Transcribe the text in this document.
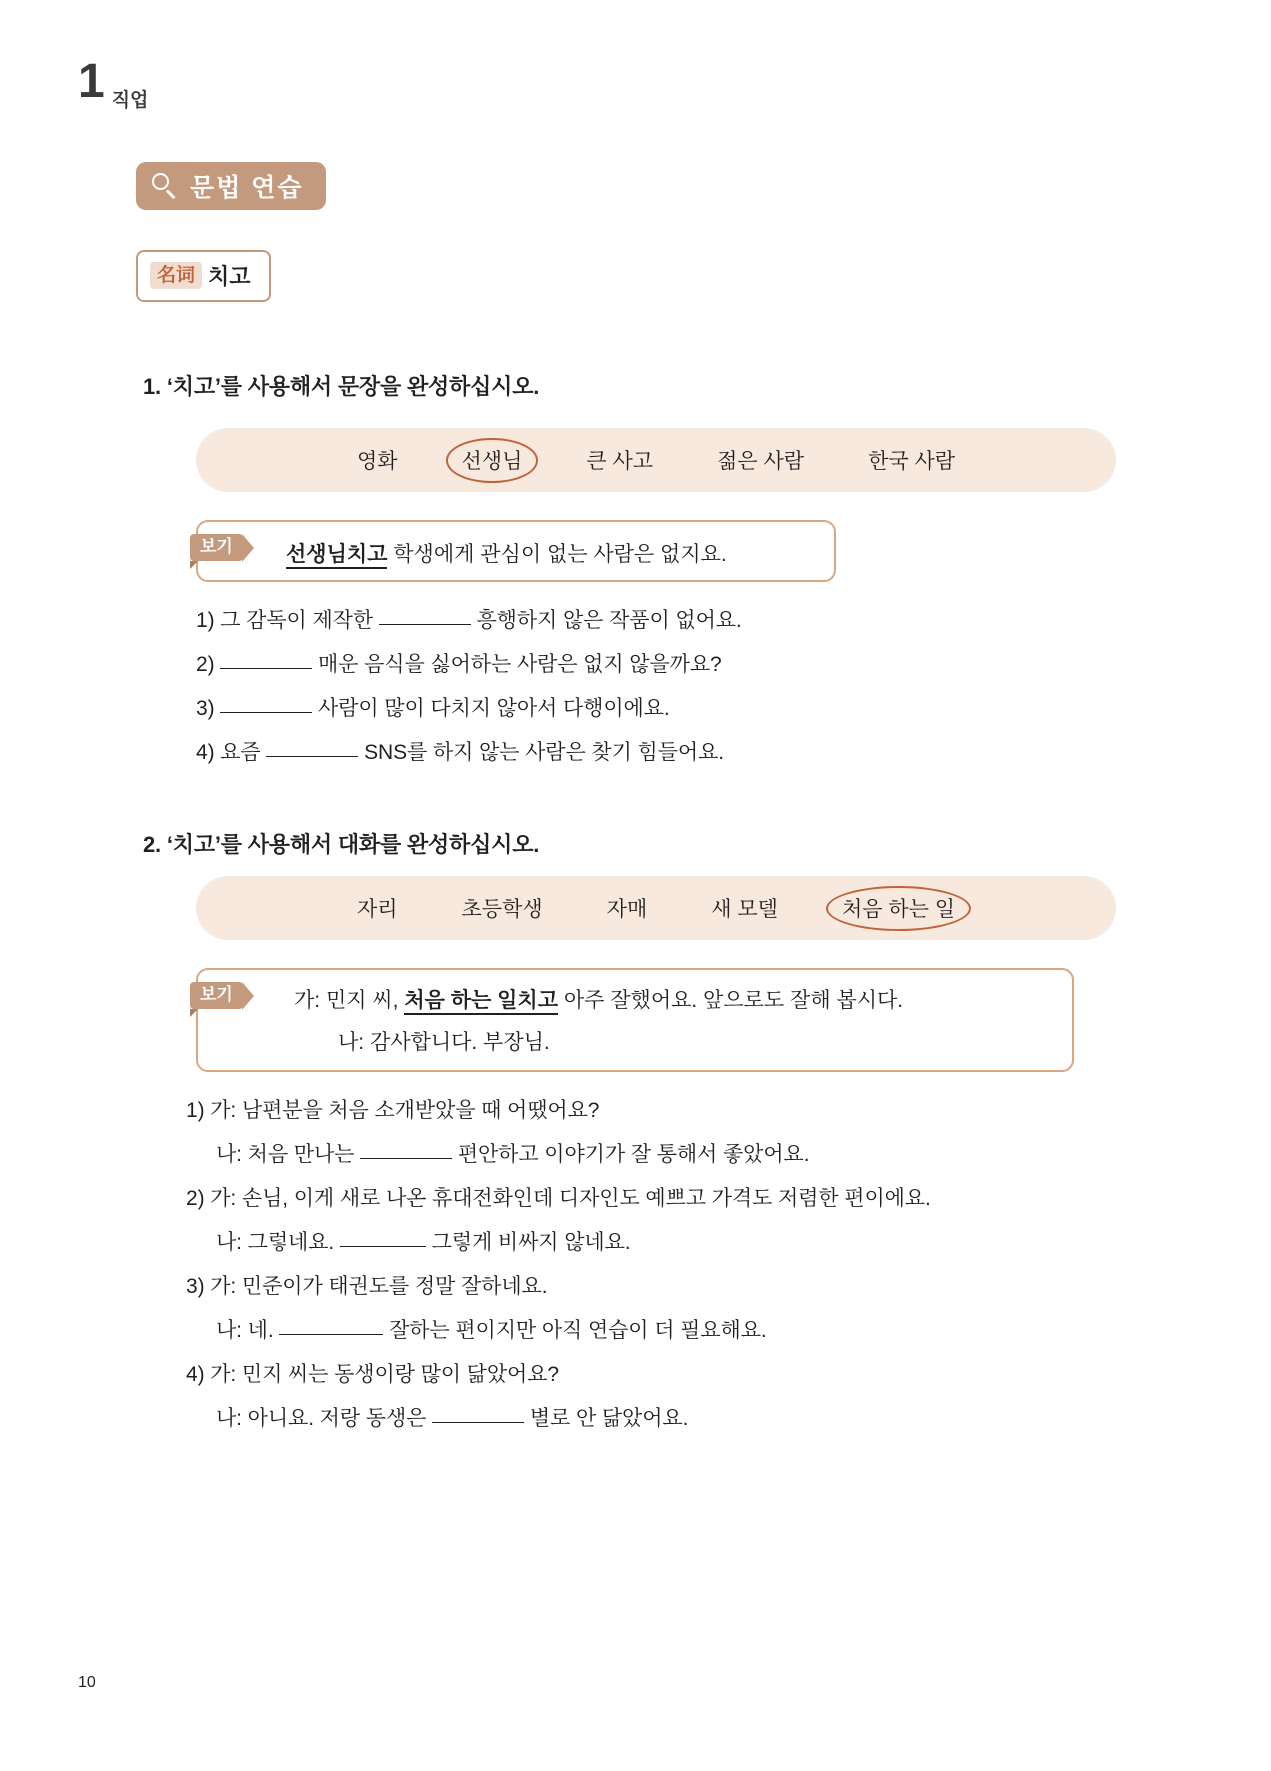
1 직업
문법 연습
名词 치고
1. ‘치고’를 사용해서 문장을 완성하십시오.
영화	선생님	큰 사고	젊은 사람	한국 사람
보기	선생님치고 학생에게 관심이 없는 사람은 없지요.
1) 그 감독이 제작한	흥행하지 않은 작품이 없어요.
2)	매운 음식을 싫어하는 사람은 없지 않을까요?
3)	사람이 많이 다치지 않아서 다행이에요.
4) 요즘	SNS를 하지 않는 사람은 찾기 힘들어요.
2. ‘치고’를 사용해서 대화를 완성하십시오.
자리	초등학생	자매	새 모델	처음 하는 일
보기	가: 민지 씨, 처음 하는 일치고 아주 잘했어요. 앞으로도 잘해 봅시다.
나: 감사합니다. 부장님.
1) 가: 남편분을 처음 소개받았을 때 어땠어요?
나: 처음 만나는	편안하고 이야기가 잘 통해서 좋았어요.
2) 가: 손님, 이게 새로 나온 휴대전화인데 디자인도 예쁘고 가격도 저렴한 편이에요.
나: 그렇네요.	그렇게 비싸지 않네요.
3) 가: 민준이가 태권도를 정말 잘하네요.
나: 네.	잘하는 편이지만 아직 연습이 더 필요해요.
4) 가: 민지 씨는 동생이랑 많이 닮았어요?
나: 아니요. 저랑 동생은	별로 안 닮았어요.
10
